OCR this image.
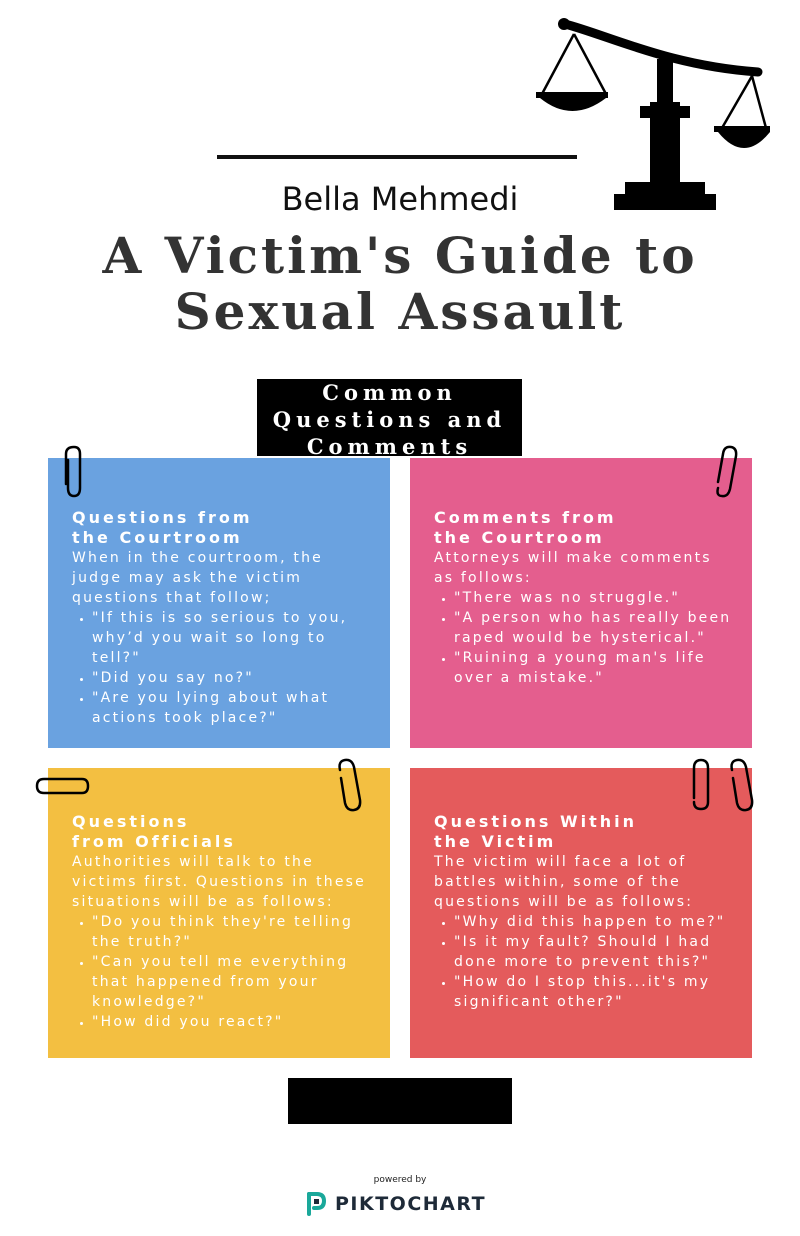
Bella Mehmedi
A Victim's Guide to
Sexual Assault
Common
Questions and
Comments
Questions from
the Courtroom

When in the courtroom, the judge may ask the victim questions that follow;

• "If this is so serious to you, why’d you wait so long to tell?"
• "Did you say no?"
• "Are you lying about what actions took place?"
Comments from
the Courtroom

Attorneys will make comments as follows:

• "There was no struggle."
• "A person who has really been raped would be hysterical."
• "Ruining a young man's life over a mistake."
Questions
from Officials

Authorities will talk to the victims first. Questions in these situations will be as follows:

• "Do you think they're telling the truth?"
• "Can you tell me everything that happened from your knowledge?"
• "How did you react?"
Questions Within
the Victim

The victim will face a lot of battles within, some of the questions will be as follows:

• "Why did this happen to me?"
• "Is it my fault? Should I had done more to prevent this?"
• "How do I stop this...it's my significant other?"
powered by
PIKTOCHART
